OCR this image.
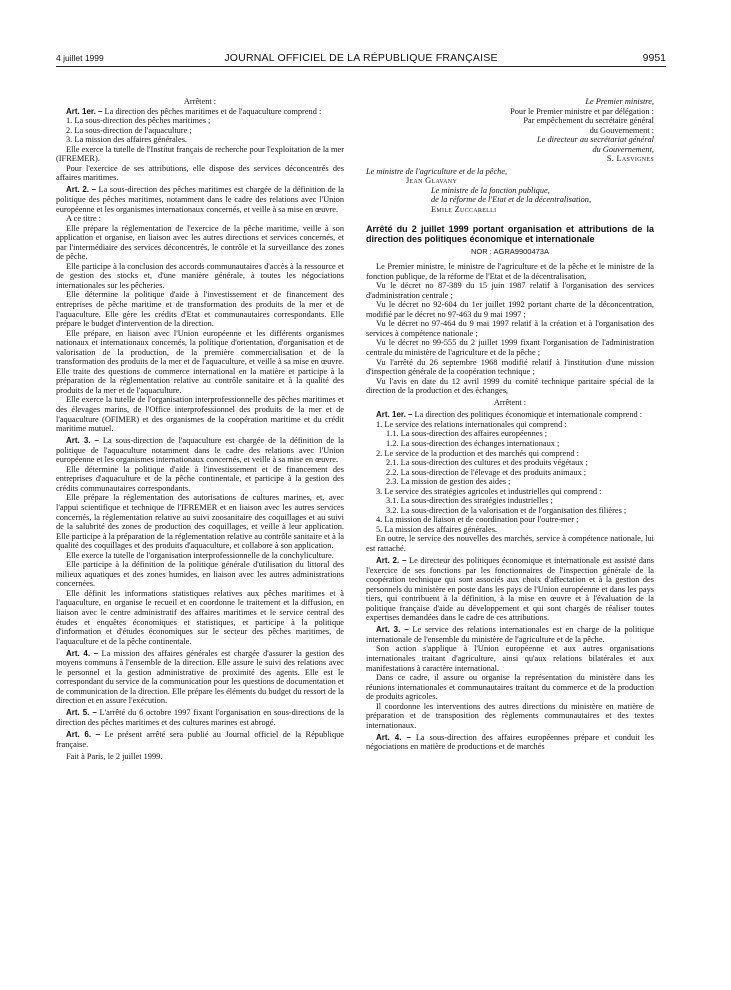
4 juillet 1999	JOURNAL OFFICIEL DE LA RÉPUBLIQUE FRANÇAISE	9951

Arrêtent :

Art. 1er. – La direction des pêches maritimes et de l'aquaculture comprend :

1. La sous-direction des pêches maritimes ;

2. La sous-direction de l'aquaculture ;

3. La mission des affaires générales.

Elle exerce la tutelle de l'Institut français de recherche pour l'exploitation de la mer (IFREMER).

Pour l'exercice de ses attributions, elle dispose des services déconcentrés des affaires maritimes.

Art. 2. – La sous-direction des pêches maritimes est chargée de la définition de la politique des pêches maritimes, notamment dans le cadre des relations avec l'Union européenne et les organismes internationaux concernés, et veille à sa mise en œuvre.

A ce titre :

Elle prépare la réglementation de l'exercice de la pêche maritime, veille à son application et organise, en liaison avec les autres directions et services concernés, et par l'intermédiaire des services déconcentrés, le contrôle et la surveillance des zones de pêche.

Elle participe à la conclusion des accords communautaires d'accès à la ressource et de gestion des stocks et, d'une manière générale, à toutes les négociations internationales sur les pêcheries.

Elle détermine la politique d'aide à l'investissement et de financement des entreprises de pêche maritime et de transformation des produits de la mer et de l'aquaculture. Elle gère les crédits d'Etat et communautaires correspondants. Elle prépare le budget d'intervention de la direction.

Elle prépare, en liaison avec l'Union européenne et les différents organismes nationaux et internationaux concernés, la politique d'orientation, d'organisation et de valorisation de la production, de la première commercialisation et de la transformation des produits de la mer et de l'aquaculture, et veille à sa mise en œuvre. Elle traite des questions de commerce international en la matière et participe à la préparation de la réglementation relative au contrôle sanitaire et à la qualité des produits de la mer et de l'aquaculture.

Elle exerce la tutelle de l'organisation interprofessionnelle des pêches maritimes et des élevages marins, de l'Office interprofessionnel des produits de la mer et de l'aquaculture (OFIMER) et des organismes de la coopération maritime et du crédit maritime mutuel.

Art. 3. – La sous-direction de l'aquaculture est chargée de la définition de la politique de l'aquaculture notamment dans le cadre des relations avec l'Union européenne et les organismes internationaux concernés, et veille à sa mise en œuvre.

Elle détermine la politique d'aide à l'investissement et de financement des entreprises d'aquaculture et de la pêche continentale, et participe à la gestion des crédits communautaires correspondants.

Elle prépare la réglementation des autorisations de cultures marines, et, avec l'appui scientifique et technique de l'IFREMER et en liaison avec les autres services concernés, la réglementation relative au suivi zoosanitaire des coquillages et au suivi de la salubrité des zones de production des coquillages, et veille à leur application. Elle participe à la préparation de la réglementation relative au contrôle sanitaire et à la qualité des coquillages et des produits d'aquaculture, et collabore à son application.

Elle exerce la tutelle de l'organisation interprofessionnelle de la conchyliculture.

Elle participe à la définition de la politique générale d'utilisation du littoral des milieux aquatiques et des zones humides, en liaison avec les autres administrations concernées.

Elle définit les informations statistiques relatives aux pêches maritimes et à l'aquaculture, en organise le recueil et en coordonne le traitement et la diffusion, en liaison avec le centre administratif des affaires maritimes et le service central des études et enquêtes économiques et statistiques, et participe à la politique d'information et d'études économiques sur le secteur des pêches maritimes, de l'aquaculture et de la pêche continentale.

Art. 4. – La mission des affaires générales est chargée d'assurer la gestion des moyens communs à l'ensemble de la direction. Elle assure le suivi des relations avec le personnel et la gestion administrative de proximité des agents. Elle est le correspondant du service de la communication pour les questions de documentation et de communication de la direction. Elle prépare les éléments du budget du ressort de la direction et en assure l'exécution.

Art. 5. – L'arrêté du 6 octobre 1997 fixant l'organisation en sous-directions de la direction des pêches maritimes et des cultures marines est abrogé.

Art. 6. – Le présent arrêté sera publié au Journal officiel de la République française.

Fait à Paris, le 2 juillet 1999.

Le Premier ministre,

Pour le Premier ministre et par délégation :

Par empêchement du secrétaire général

du Gouvernement :

Le directeur au secrétariat général

du Gouvernement,

S. Lasvignes

Le ministre de l'agriculture et de la pêche,

Jean Glavany

Le ministre de la fonction publique,

de la réforme de l'Etat et de la décentralisation,

Emile Zuccarelli

Arrêté du 2 juillet 1999 portant organisation et attributions de la direction des politiques économique et internationale

NOR : AGRA9900473A

Le Premier ministre, le ministre de l'agriculture et de la pêche et le ministre de la fonction publique, de la réforme de l'Etat et de la décentralisation,

Vu le décret no 87-389 du 15 juin 1987 relatif à l'organisation des services d'administration centrale ;

Vu le décret no 92-604 du 1er juillet 1992 portant charte de la déconcentration, modifié par le décret no 97-463 du 9 mai 1997 ;

Vu le décret no 97-464 du 9 mai 1997 relatif à la création et à l'organisation des services à compétence nationale ;

Vu le décret no 99-555 du 2 juillet 1999 fixant l'organisation de l'administration centrale du ministère de l'agriculture et de la pêche ;

Vu l'arrêté du 26 septembre 1968 modifié relatif à l'institution d'une mission d'inspection générale de la coopération technique ;

Vu l'avis en date du 12 avril 1999 du comité technique paritaire spécial de la direction de la production et des échanges,

Arrêtent :

Art. 1er. – La direction des politiques économique et internationale comprend :

1. Le service des relations internationales qui comprend :

1.1. La sous-direction des affaires européennes ;

1.2. La sous-direction des échanges internationaux ;

2. Le service de la production et des marchés qui comprend :

2.1. La sous-direction des cultures et des produits végétaux ;

2.2. La sous-direction de l'élevage et des produits animaux ;

2.3. La mission de gestion des aides ;

3. Le service des stratégies agricoles et industrielles qui comprend :

3.1. La sous-direction des stratégies industrielles ;

3.2. La sous-direction de la valorisation et de l'organisation des filières ;

4. La mission de liaison et de coordination pour l'outre-mer ;

5. La mission des affaires générales.

En outre, le service des nouvelles des marchés, service à compétence nationale, lui est rattaché.

Art. 2. – Le directeur des politiques économique et internationale est assisté dans l'exercice de ses fonctions par les fonctionnaires de l'inspection générale de la coopération technique qui sont associés aux choix d'affectation et à la gestion des personnels du ministère en poste dans les pays de l'Union européenne et dans les pays tiers, qui contribuent à la définition, à la mise en œuvre et à l'évaluation de la politique française d'aide au développement et qui sont chargés de réaliser toutes expertises demandées dans le cadre de ces attributions.

Art. 3. – Le service des relations internationales est en charge de la politique internationale de l'ensemble du ministère de l'agriculture et de la pêche.

Son action s'applique à l'Union européenne et aux autres organisations internationales traitant d'agriculture, ainsi qu'aux relations bilatérales et aux manifestations à caractère international.

Dans ce cadre, il assure ou organise la représentation du ministère dans les réunions internationales et communautaires traitant du commerce et de la production de produits agricoles.

Il coordonne les interventions des autres directions du ministère en matière de préparation et de transposition des règlements communautaires et des textes internationaux.

Art. 4. – La sous-direction des affaires européennes prépare et conduit les négociations en matière de productions et de marchés
